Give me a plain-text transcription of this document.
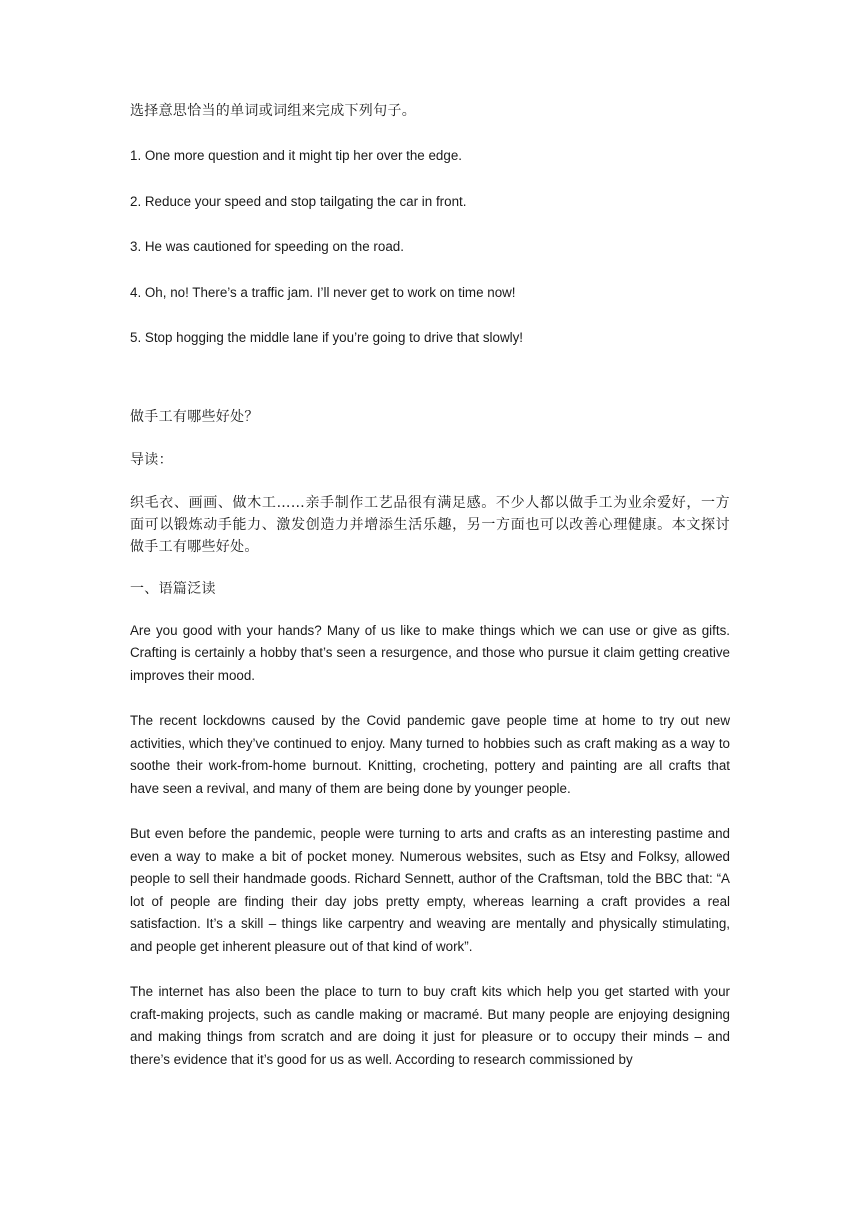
选择意思恰当的单词或词组来完成下列句子。

1. One more question and it might tip her over the edge.

2. Reduce your speed and stop tailgating the car in front.

3. He was cautioned for speeding on the road.

4. Oh, no! There’s a traffic jam. I’ll never get to work on time now!

5. Stop hogging the middle lane if you’re going to drive that slowly!

做手工有哪些好处？

导读：

织毛衣、画画、做木工……亲手制作工艺品很有满足感。不少人都以做手工为业余爱好，一方面可以锻炼动手能力、激发创造力并增添生活乐趣，另一方面也可以改善心理健康。本文探讨做手工有哪些好处。

一、语篇泛读

Are you good with your hands? Many of us like to make things which we can use or give as gifts. Crafting is certainly a hobby that’s seen a resurgence, and those who pursue it claim getting creative improves their mood.

The recent lockdowns caused by the Covid pandemic gave people time at home to try out new activities, which they’ve continued to enjoy. Many turned to hobbies such as craft making as a way to soothe their work-from-home burnout. Knitting, crocheting, pottery and painting are all crafts that have seen a revival, and many of them are being done by younger people.

But even before the pandemic, people were turning to arts and crafts as an interesting pastime and even a way to make a bit of pocket money. Numerous websites, such as Etsy and Folksy, allowed people to sell their handmade goods. Richard Sennett, author of the Craftsman, told the BBC that: “A lot of people are finding their day jobs pretty empty, whereas learning a craft provides a real satisfaction. It’s a skill – things like carpentry and weaving are mentally and physically stimulating, and people get inherent pleasure out of that kind of work”.

The internet has also been the place to turn to buy craft kits which help you get started with your craft-making projects, such as candle making or macramé. But many people are enjoying designing and making things from scratch and are doing it just for pleasure or to occupy their minds – and there’s evidence that it’s good for us as well. According to research commissioned by
